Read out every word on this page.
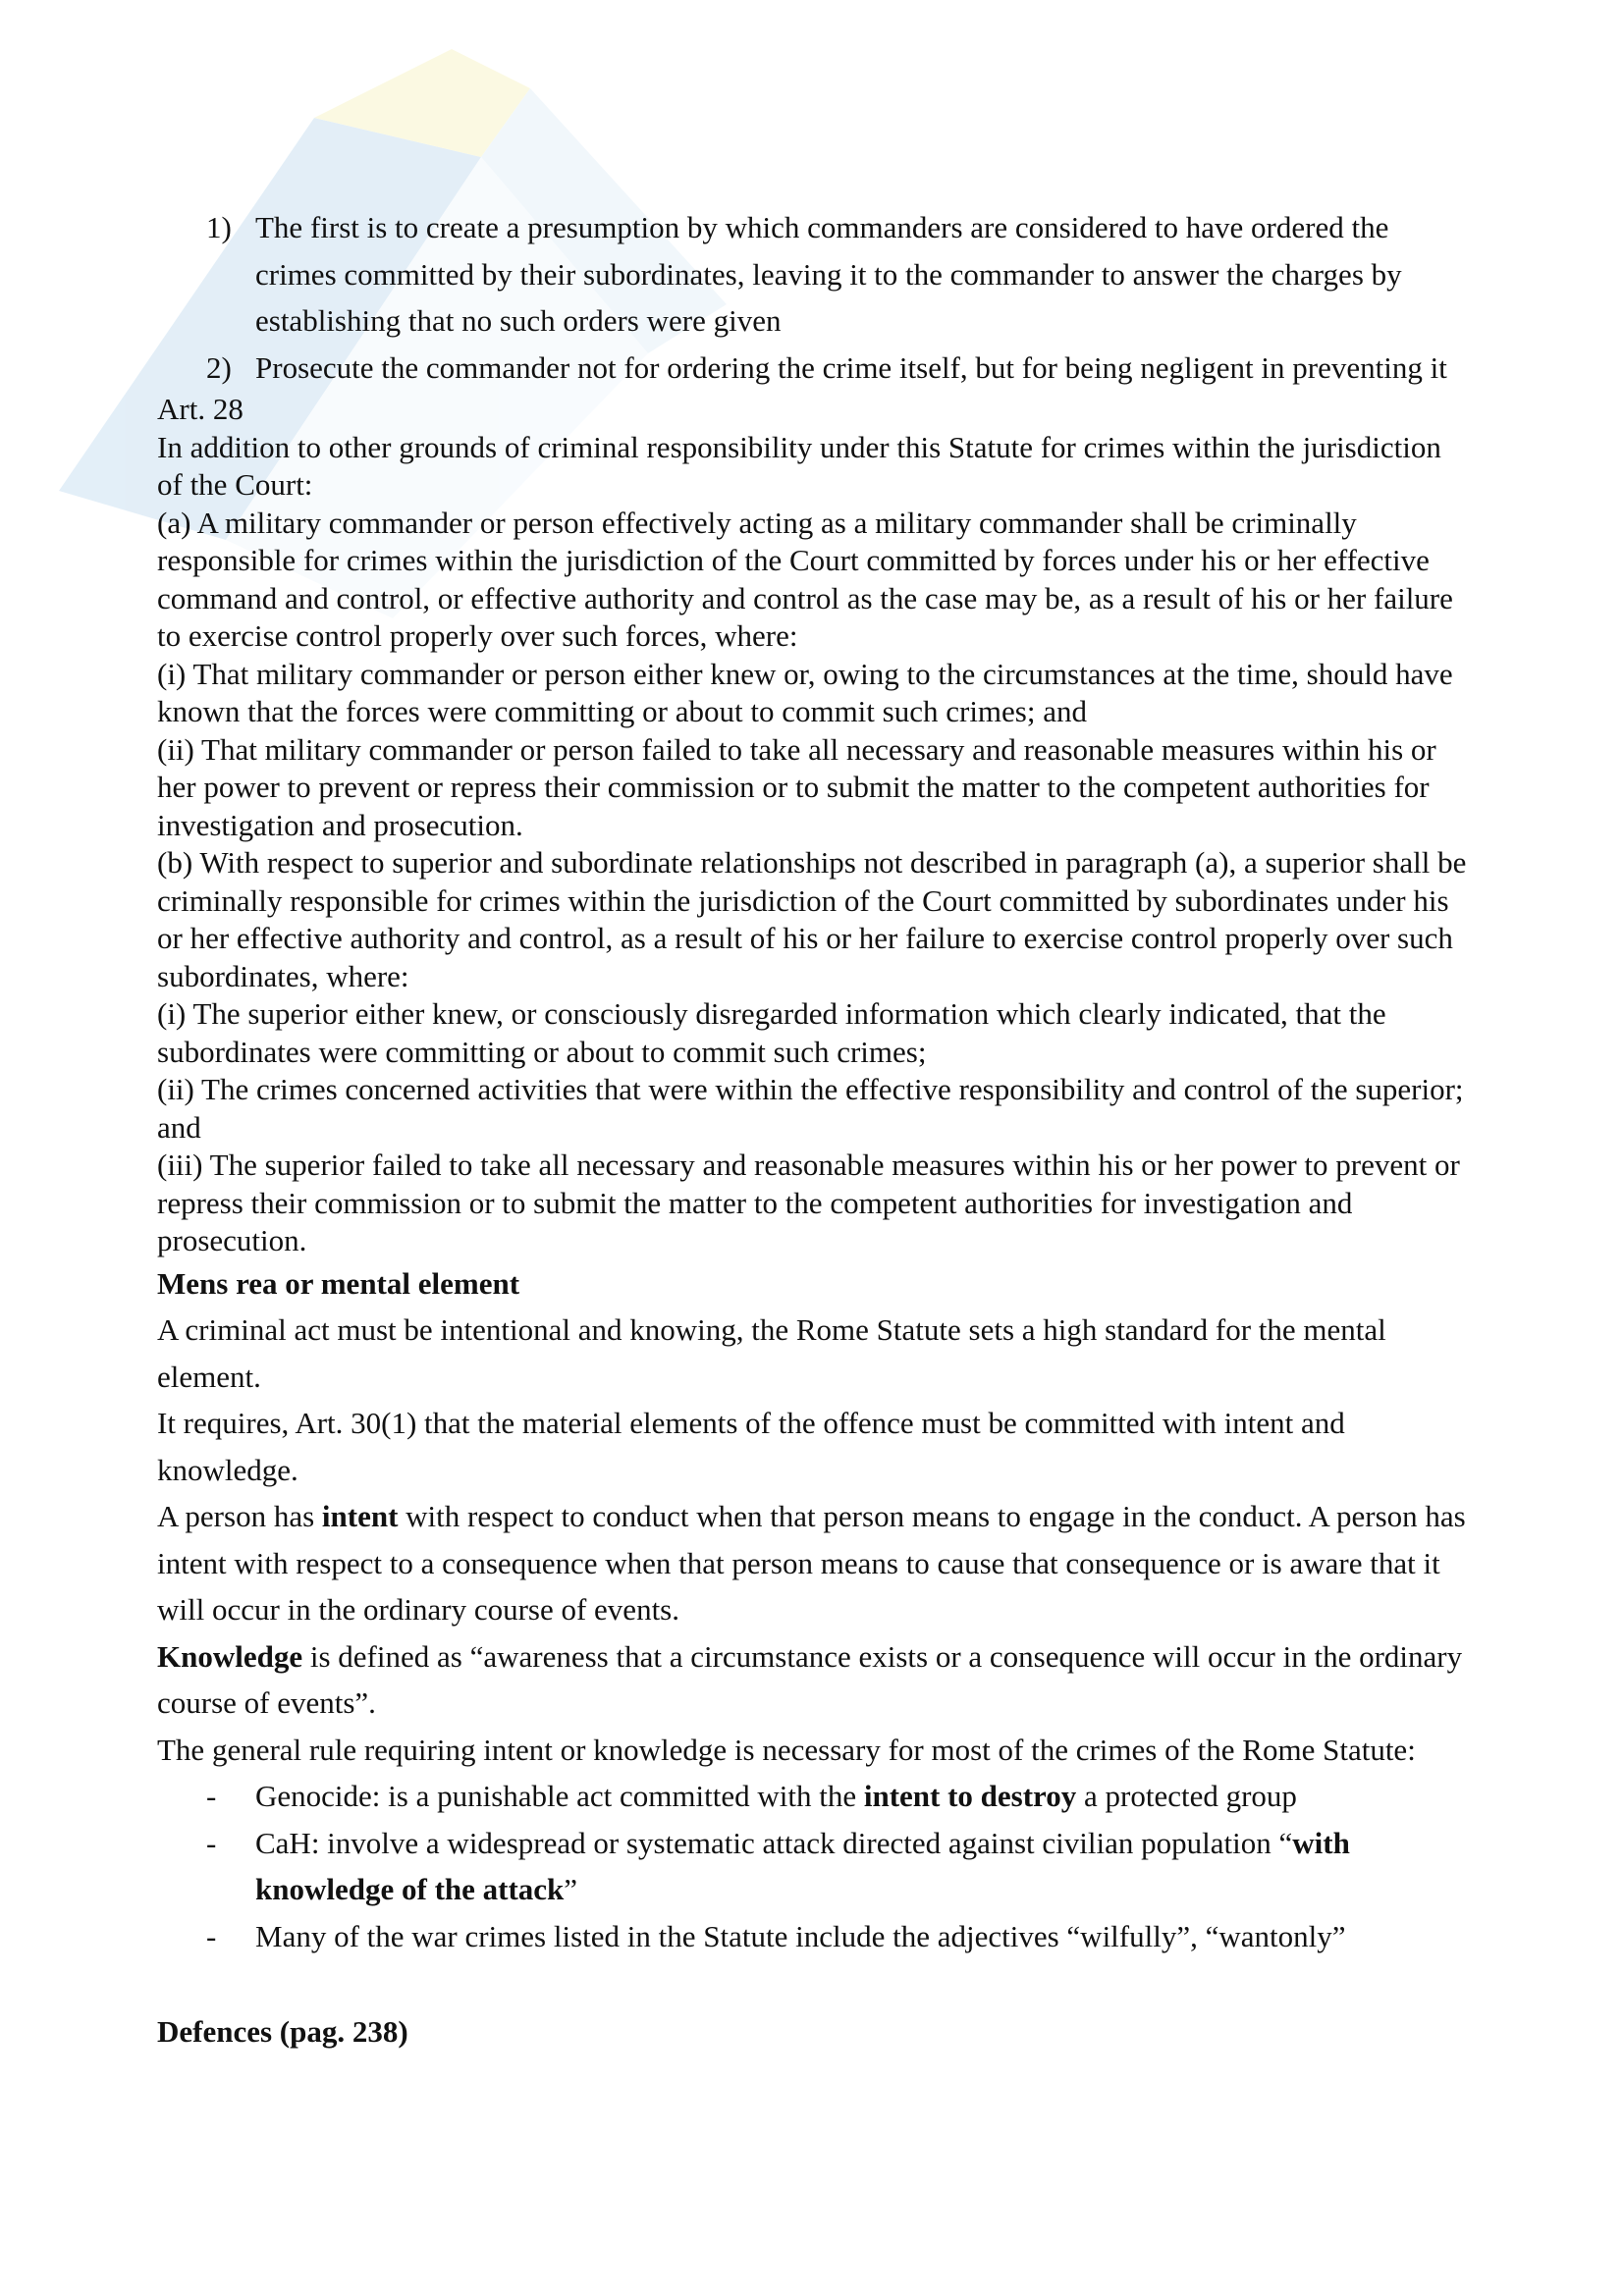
1) The first is to create a presumption by which commanders are considered to have ordered the crimes committed by their subordinates, leaving it to the commander to answer the charges by establishing that no such orders were given
2) Prosecute the commander not for ordering the crime itself, but for being negligent in preventing it

Art. 28

In addition to other grounds of criminal responsibility under this Statute for crimes within the jurisdiction of the Court:

(a) A military commander or person effectively acting as a military commander shall be criminally responsible for crimes within the jurisdiction of the Court committed by forces under his or her effective command and control, or effective authority and control as the case may be, as a result of his or her failure to exercise control properly over such forces, where:

(i) That military commander or person either knew or, owing to the circumstances at the time, should have known that the forces were committing or about to commit such crimes; and

(ii) That military commander or person failed to take all necessary and reasonable measures within his or her power to prevent or repress their commission or to submit the matter to the competent authorities for investigation and prosecution.

(b) With respect to superior and subordinate relationships not described in paragraph (a), a superior shall be criminally responsible for crimes within the jurisdiction of the Court committed by subordinates under his or her effective authority and control, as a result of his or her failure to exercise control properly over such subordinates, where:

(i) The superior either knew, or consciously disregarded information which clearly indicated, that the subordinates were committing or about to commit such crimes;

(ii) The crimes concerned activities that were within the effective responsibility and control of the superior; and

(iii) The superior failed to take all necessary and reasonable measures within his or her power to prevent or repress their commission or to submit the matter to the competent authorities for investigation and prosecution.

Mens rea or mental element

A criminal act must be intentional and knowing, the Rome Statute sets a high standard for the mental element.

It requires, Art. 30(1) that the material elements of the offence must be committed with intent and knowledge.

A person has intent with respect to conduct when that person means to engage in the conduct. A person has intent with respect to a consequence when that person means to cause that consequence or is aware that it will occur in the ordinary course of events.

Knowledge is defined as “awareness that a circumstance exists or a consequence will occur in the ordinary course of events”.

The general rule requiring intent or knowledge is necessary for most of the crimes of the Rome Statute:

- Genocide: is a punishable act committed with the intent to destroy a protected group
- CaH: involve a widespread or systematic attack directed against civilian population “with knowledge of the attack”
- Many of the war crimes listed in the Statute include the adjectives “wilfully”, “wantonly”

Defences (pag. 238)
